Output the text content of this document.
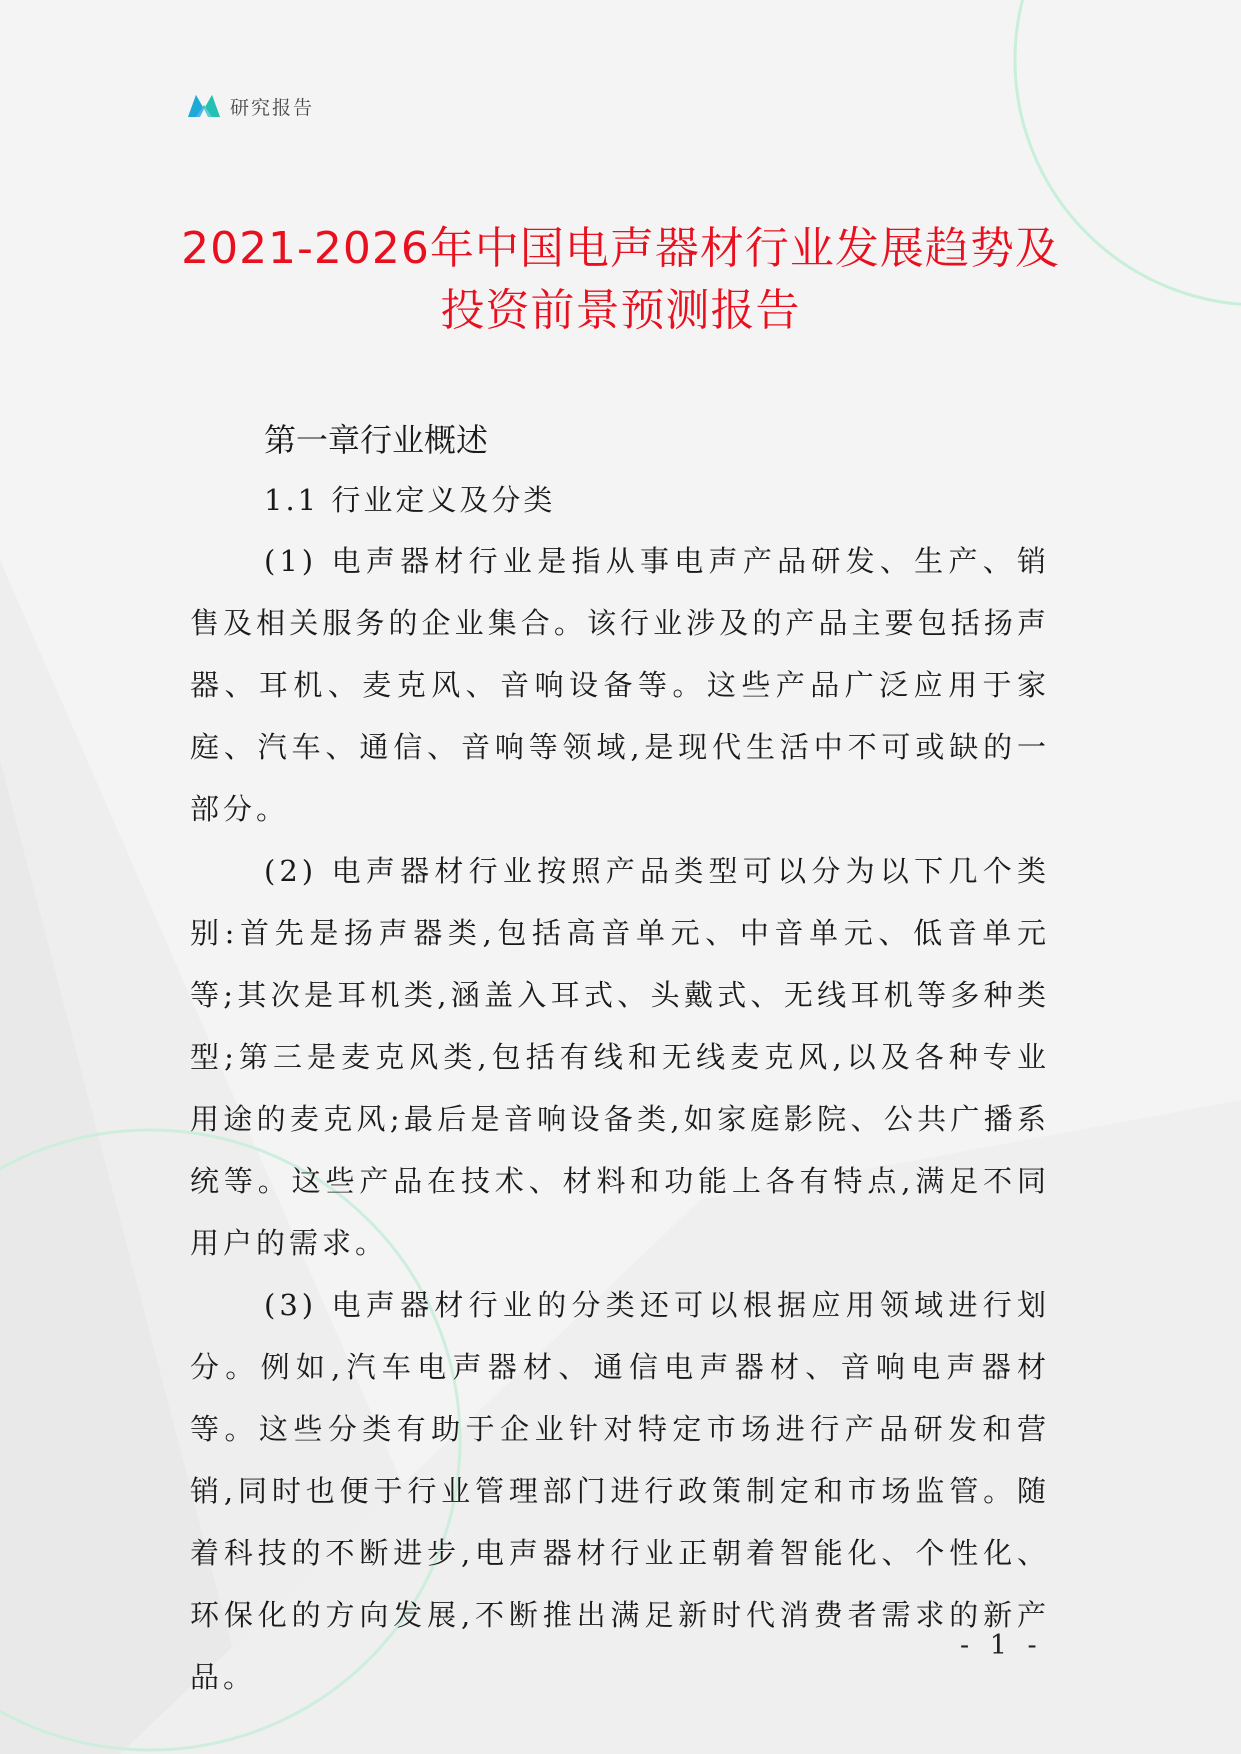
研究报告
2021-2026年中国电声器材行业发展趋势及
投资前景预测报告
第一章行业概述
1.1 行业定义及分类

(1) 电声器材行业是指从事电声产品研发、生产、销售及相关服务的企业集合。该行业涉及的产品主要包括扬声器、耳机、麦克风、音响设备等。这些产品广泛应用于家庭、汽车、通信、音响等领域,是现代生活中不可或缺的一部分。

(2) 电声器材行业按照产品类型可以分为以下几个类别:首先是扬声器类,包括高音单元、中音单元、低音单元等;其次是耳机类,涵盖入耳式、头戴式、无线耳机等多种类型;第三是麦克风类,包括有线和无线麦克风,以及各种专业用途的麦克风;最后是音响设备类,如家庭影院、公共广播系统等。这些产品在技术、材料和功能上各有特点,满足不同用户的需求。

(3) 电声器材行业的分类还可以根据应用领域进行划分。例如,汽车电声器材、通信电声器材、音响电声器材等。这些分类有助于企业针对特定市场进行产品研发和营销,同时也便于行业管理部门进行政策制定和市场监管。随着科技的不断进步,电声器材行业正朝着智能化、个性化、环保化的方向发展,不断推出满足新时代消费者需求的新产品。

- 1 -
